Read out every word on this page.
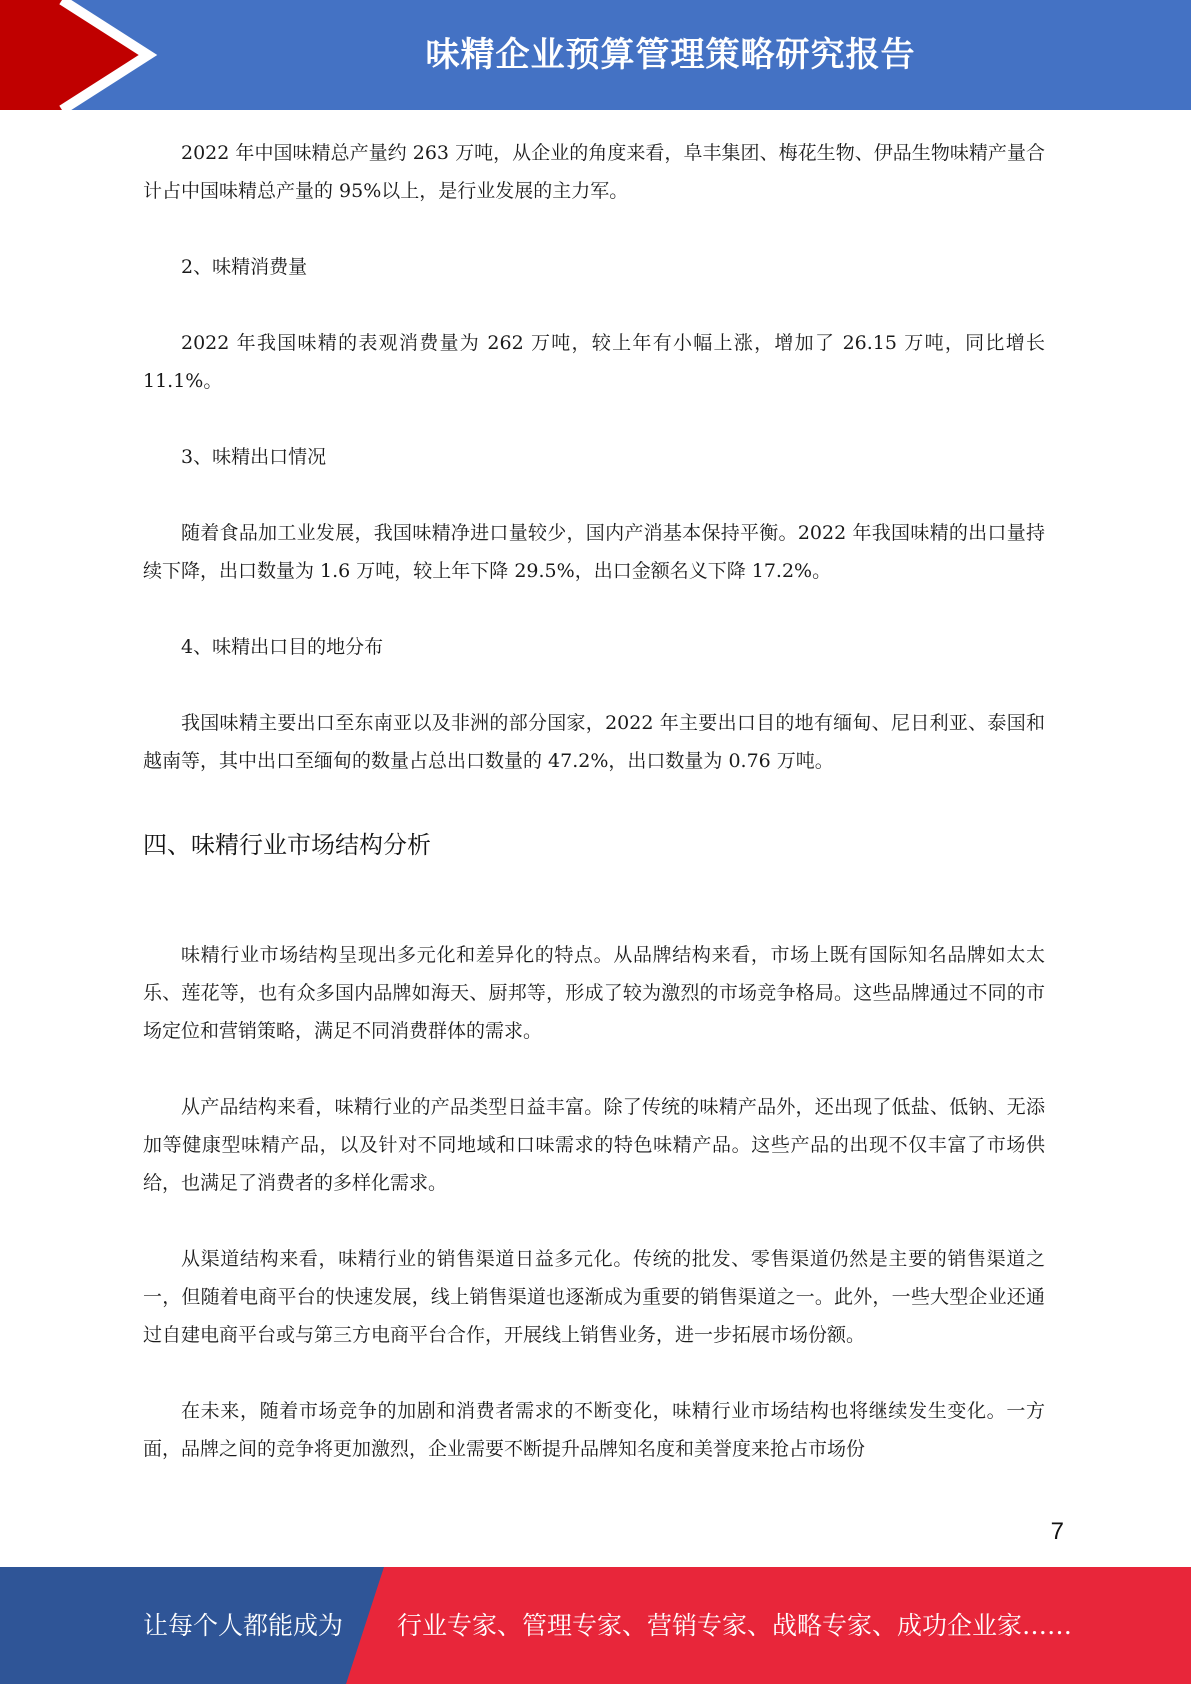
味精企业预算管理策略研究报告

2022 年中国味精总产量约 263 万吨，从企业的角度来看，阜丰集团、梅花生物、伊品生物味精产量合计占中国味精总产量的 95%以上，是行业发展的主力军。

2、味精消费量

2022 年我国味精的表观消费量为 262 万吨，较上年有小幅上涨，增加了 26.15 万吨，同比增长 11.1%。

3、味精出口情况

随着食品加工业发展，我国味精净进口量较少，国内产消基本保持平衡。2022 年我国味精的出口量持续下降，出口数量为 1.6 万吨，较上年下降 29.5%，出口金额名义下降 17.2%。

4、味精出口目的地分布

我国味精主要出口至东南亚以及非洲的部分国家，2022 年主要出口目的地有缅甸、尼日利亚、泰国和越南等，其中出口至缅甸的数量占总出口数量的 47.2%，出口数量为 0.76 万吨。

四、味精行业市场结构分析

味精行业市场结构呈现出多元化和差异化的特点。从品牌结构来看，市场上既有国际知名品牌如太太乐、莲花等，也有众多国内品牌如海天、厨邦等，形成了较为激烈的市场竞争格局。这些品牌通过不同的市场定位和营销策略，满足不同消费群体的需求。

从产品结构来看，味精行业的产品类型日益丰富。除了传统的味精产品外，还出现了低盐、低钠、无添加等健康型味精产品，以及针对不同地域和口味需求的特色味精产品。这些产品的出现不仅丰富了市场供给，也满足了消费者的多样化需求。

从渠道结构来看，味精行业的销售渠道日益多元化。传统的批发、零售渠道仍然是主要的销售渠道之一，但随着电商平台的快速发展，线上销售渠道也逐渐成为重要的销售渠道之一。此外，一些大型企业还通过自建电商平台或与第三方电商平台合作，开展线上销售业务，进一步拓展市场份额。

在未来，随着市场竞争的加剧和消费者需求的不断变化，味精行业市场结构也将继续发生变化。一方面，品牌之间的竞争将更加激烈，企业需要不断提升品牌知名度和美誉度来抢占市场份

7
让每个人都能成为 行业专家、管理专家、营销专家、战略专家、成功企业家……
